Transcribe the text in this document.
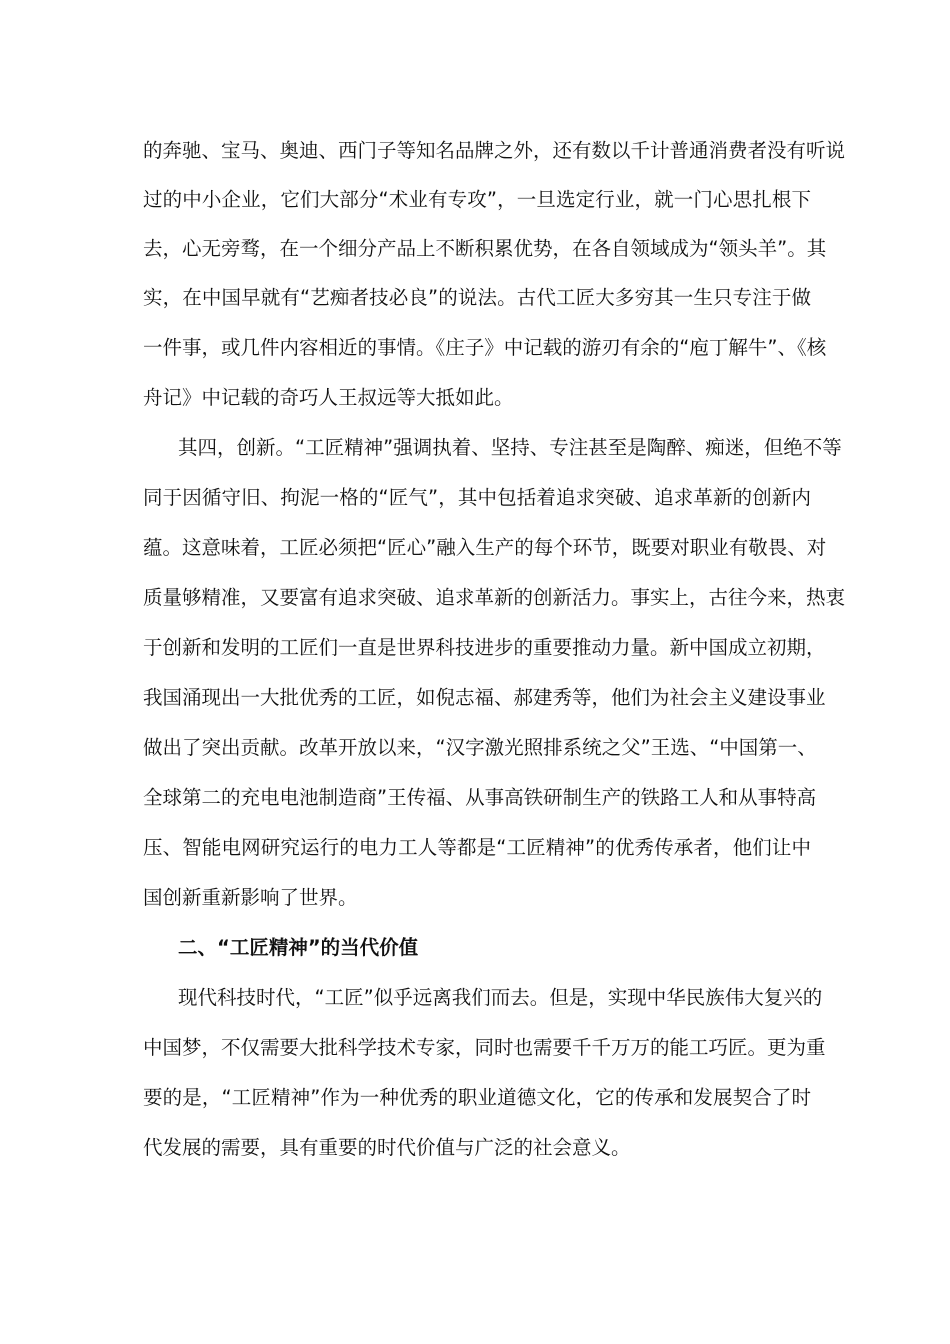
的奔驰、宝马、奥迪、西门子等知名品牌之外，还有数以千计普通消费者没有听说
过的中小企业，它们大部分“术业有专攻”，一旦选定行业，就一门心思扎根下
去，心无旁骛，在一个细分产品上不断积累优势，在各自领域成为“领头羊”。其
实，在中国早就有“艺痴者技必良”的说法。古代工匠大多穷其一生只专注于做
一件事，或几件内容相近的事情。《庄子》中记载的游刃有余的“庖丁解牛”、《核
舟记》中记载的奇巧人王叔远等大抵如此。
其四，创新。“工匠精神”强调执着、坚持、专注甚至是陶醉、痴迷，但绝不等
同于因循守旧、拘泥一格的“匠气”，其中包括着追求突破、追求革新的创新内
蕴。这意味着，工匠必须把“匠心”融入生产的每个环节，既要对职业有敬畏、对
质量够精准，又要富有追求突破、追求革新的创新活力。事实上，古往今来，热衷
于创新和发明的工匠们一直是世界科技进步的重要推动力量。新中国成立初期，
我国涌现出一大批优秀的工匠，如倪志福、郝建秀等，他们为社会主义建设事业
做出了突出贡献。改革开放以来，“汉字激光照排系统之父”王选、“中国第一、
全球第二的充电电池制造商”王传福、从事高铁研制生产的铁路工人和从事特高
压、智能电网研究运行的电力工人等都是“工匠精神”的优秀传承者，他们让中
国创新重新影响了世界。
二、“工匠精神”的当代价值
现代科技时代，“工匠”似乎远离我们而去。但是，实现中华民族伟大复兴的
中国梦，不仅需要大批科学技术专家，同时也需要千千万万的能工巧匠。更为重
要的是，“工匠精神”作为一种优秀的职业道德文化，它的传承和发展契合了时
代发展的需要，具有重要的时代价值与广泛的社会意义。
